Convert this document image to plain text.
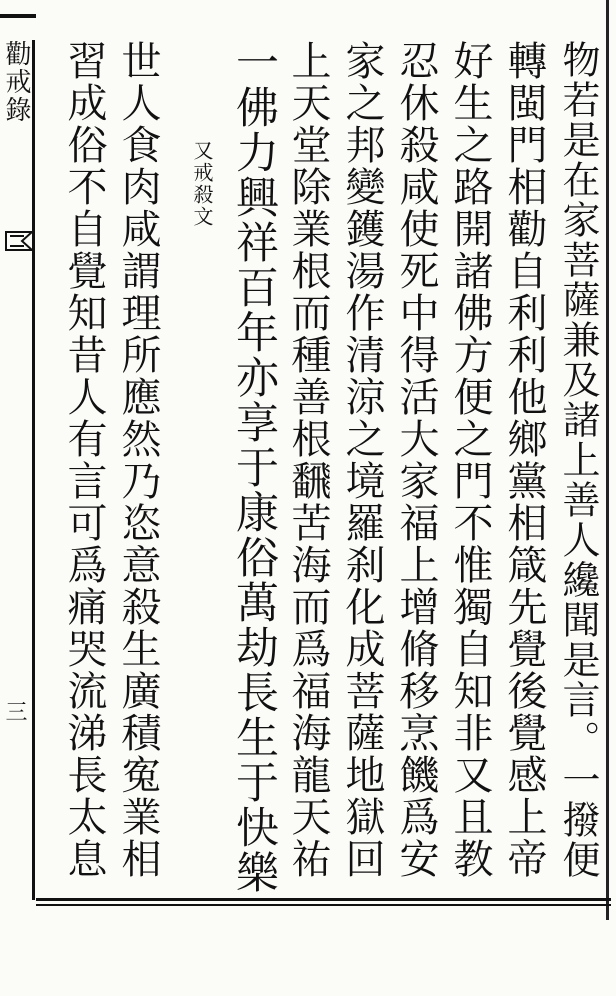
勸戒錄
三	物若是在家菩薩兼及諸上善人纔聞是言。一撥便
轉閩門相勸自利利他鄉黨相箴先覺後覺感上帝
好生之路開諸佛方便之門不惟獨自知非又且教
忍休殺咸使死中得活大家福上增脩移烹饑爲安
家之邦變鑊湯作清涼之境羅刹化成菩薩地獄回
上天堂除業根而種善根飜苦海而爲福海龍天祐
一佛力興祥百年亦享于康俗萬劫長生于快樂
又戒殺文
世人食肉咸謂理所應然乃恣意殺生廣積寃業相
習成俗不自覺知昔人有言可爲痛哭流涕長太息
